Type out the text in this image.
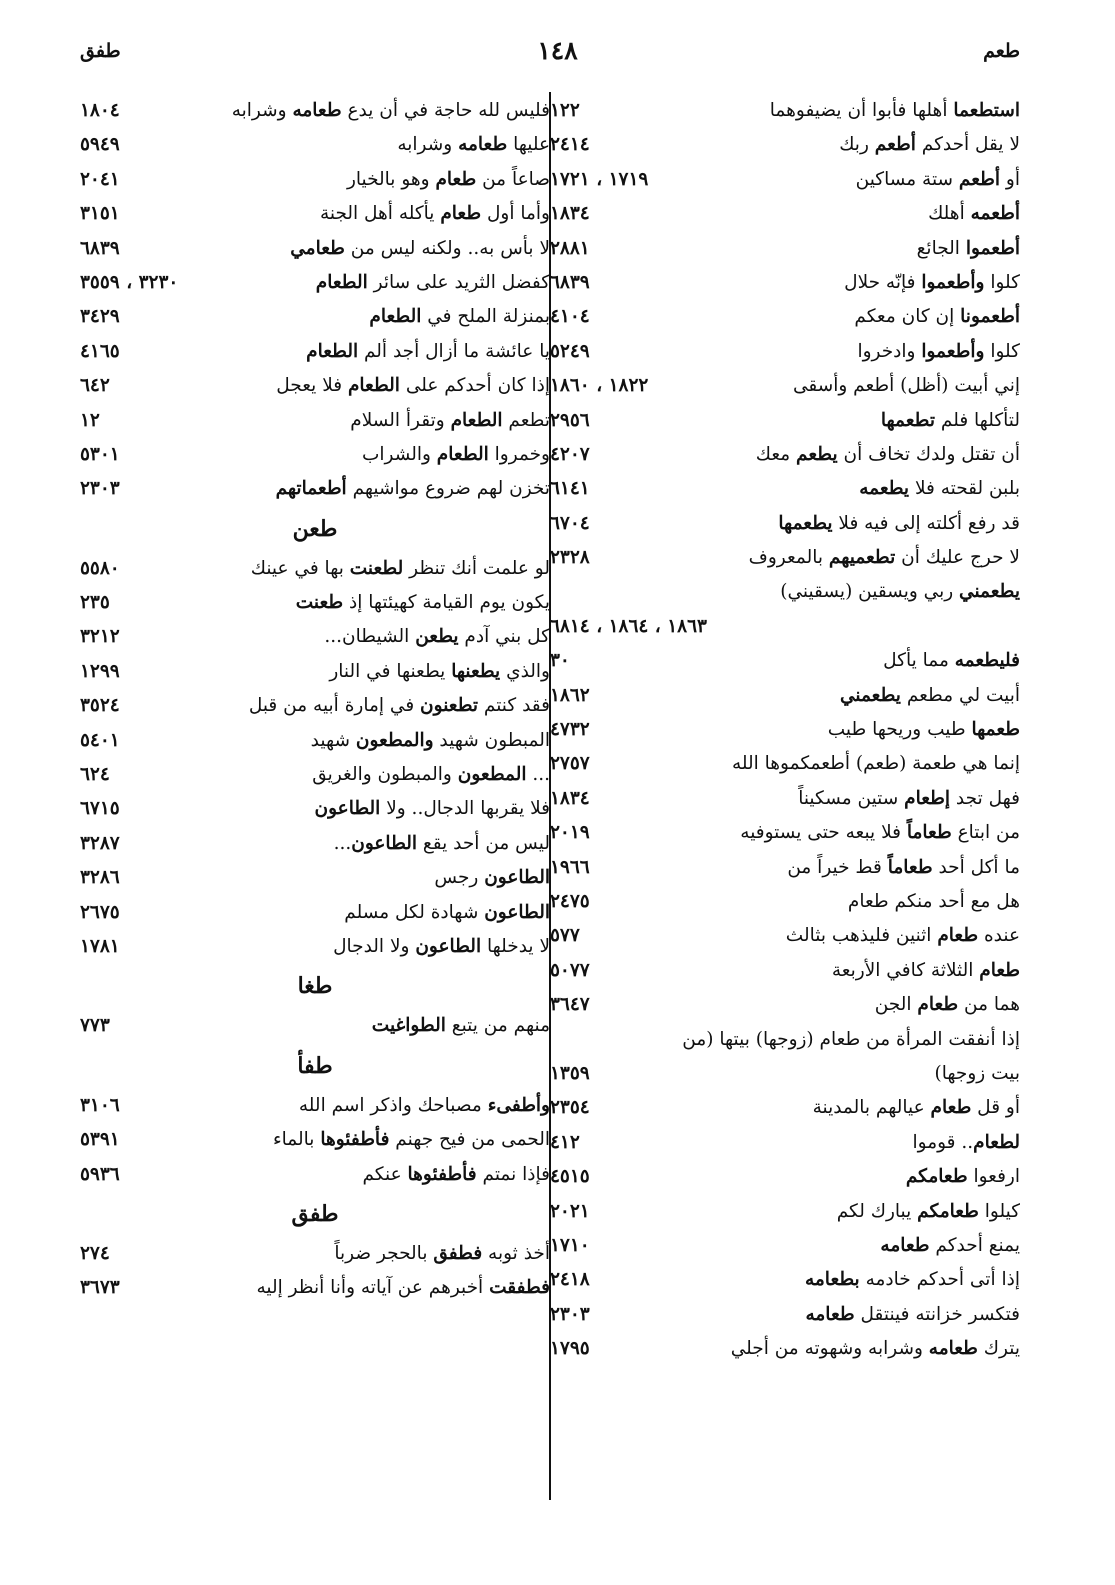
طعم
١٤٨
طفق
استطعما أهلها فأبوا أن يضيفوهما
١٢٢
لا يقل أحدكم أطعم ربك
٢٤١٤
أو أطعم ستة مساكين
١٧١٩ ، ١٧٢١
أطعمه أهلك
١٨٣٤
أطعموا الجائع
٢٨٨١
كلوا وأطعموا فإنّه حلال
٦٨٣٩
أطعمونا إن كان معكم
٤١٠٤
كلوا وأطعموا وادخروا
٥٢٤٩
إني أبيت (أظل) أطعم وأسقى
١٨٢٢ ، ١٨٦٠
لتأكلها فلم تطعمها
٢٩٥٦
أن تقتل ولدك تخاف أن يطعم معك
٤٢٠٧
بلبن لقحته فلا يطعمه
٦١٤١
قد رفع أكلته إلى فيه فلا يطعمها
٦٧٠٤
لا حرج عليك أن تطعميهم بالمعروف
٢٣٢٨
يطعمني ربي ويسقين (يسقيني)
١٨٦٣ ، ١٨٦٤ ، ٦٨١٤
فليطعمه مما يأكل
٣٠
أبيت لي مطعم يطعمني
١٨٦٢
طعمها طيب وريحها طيب
٤٧٣٢
إنما هي طعمة (طعم) أطعمكموها الله
٢٧٥٧
فهل تجد إطعام ستين مسكيناً
١٨٣٤
من ابتاع طعاماً فلا يبعه حتى يستوفيه
٢٠١٩
ما أكل أحد طعاماً قط خيراً من
١٩٦٦
هل مع أحد منكم طعام
٢٤٧٥
عنده طعام اثنين فليذهب بثالث
٥٧٧
طعام الثلاثة كافي الأربعة
٥٠٧٧
هما من طعام الجن
٣٦٤٧
إذا أنفقت المرأة من طعام (زوجها) بيتها (من
بيت زوجها)
١٣٥٩
أو قل طعام عيالهم بالمدينة
٢٣٥٤
لطعام.. قوموا
٤١٢
ارفعوا طعامكم
٤٥١٥
كيلوا طعامكم يبارك لكم
٢٠٢١
يمنع أحدكم طعامه
١٧١٠
إذا أتى أحدكم خادمه بطعامه
٢٤١٨
فتكسر خزانته فينتقل طعامه
٢٣٠٣
يترك طعامه وشرابه وشهوته من أجلي
١٧٩٥
فليس لله حاجة في أن يدع طعامه وشرابه
١٨٠٤
عليها طعامه وشرابه
٥٩٤٩
صاعاً من طعام وهو بالخيار
٢٠٤١
وأما أول طعام يأكله أهل الجنة
٣١٥١
لا بأس به.. ولكنه ليس من طعامي
٦٨٣٩
كفضل الثريد على سائر الطعام
٣٢٣٠ ، ٣٥٥٩
بمنزلة الملح في الطعام
٣٤٢٩
يا عائشة ما أزال أجد ألم الطعام
٤١٦٥
إذا كان أحدكم على الطعام فلا يعجل
٦٤٢
تطعم الطعام وتقرأ السلام
١٢
وخمروا الطعام والشراب
٥٣٠١
تخزن لهم ضروع مواشيهم أطعماتهم
٢٣٠٣
طعن
لو علمت أنك تنظر لطعنت بها في عينك
٥٥٨٠
يكون يوم القيامة كهيئتها إذ طعنت
٢٣٥
كل بني آدم يطعن الشيطان...
٣٢١٢
والذي يطعنها يطعنها في النار
١٢٩٩
فقد كنتم تطعنون في إمارة أبيه من قبل
٣٥٢٤
المبطون شهيد والمطعون شهيد
٥٤٠١
... المطعون والمبطون والغريق
٦٢٤
فلا يقربها الدجال.. ولا الطاعون
٦٧١٥
ليس من أحد يقع الطاعون...
٣٢٨٧
الطاعون رجس
٣٢٨٦
الطاعون شهادة لكل مسلم
٢٦٧٥
لا يدخلها الطاعون ولا الدجال
١٧٨١
طغا
منهم من يتبع الطواغيت
٧٧٣
طفأ
وأطفىء مصباحك واذكر اسم الله
٣١٠٦
الحمى من فيح جهنم فأطفئوها بالماء
٥٣٩١
فإذا نمتم فأطفئوها عنكم
٥٩٣٦
طفق
أخذ ثوبه فطفق بالحجر ضرباً
٢٧٤
فطفقت أخبرهم عن آياته وأنا أنظر إليه
٣٦٧٣
